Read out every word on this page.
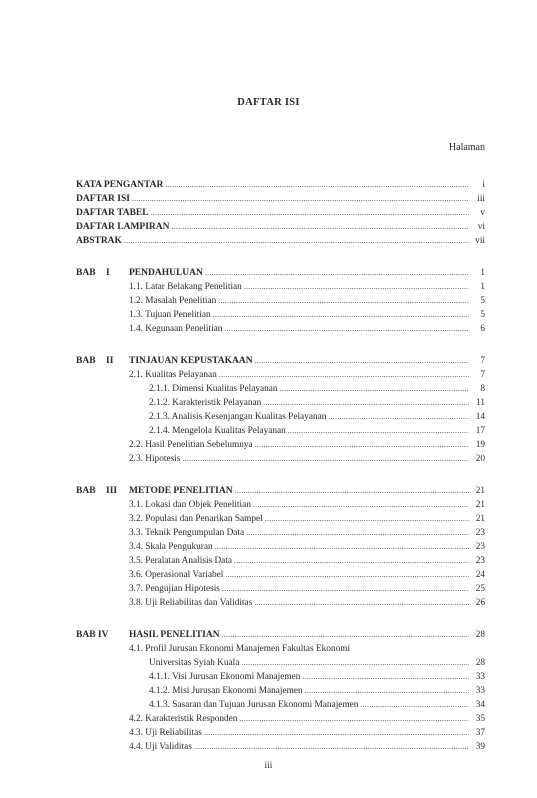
DAFTAR ISI
Halaman
KATA PENGANTAR .....	i
DAFTAR ISI .....	iii
DAFTAR TABEL .....	v
DAFTAR LAMPIRAN .....	vi
ABSTRAK .....	vii
BAB I	PENDAHULUAN .....	1
1.1. Latar Belakang Penelitian .....	1
1.2. Masalah Penelitian .....	5
1.3. Tujuan Penelitian .....	5
1.4. Kegunaan Penelitian .....	6
BAB II	TINJAUAN KEPUSTAKAAN .....	7
2.1. Kualitas Pelayanan .....	7
2.1.1. Dimensi Kualitas Pelayanan .....	8
2.1.2. Karakteristik Pelayanan .....	11
2.1.3. Analisis Kesenjangan Kualitas Pelayanan .....	14
2.1.4. Mengelola Kualitas Pelayanan .....	17
2.2. Hasil Penelitian Sebelumnya .....	19
2.3. Hipotesis .....	20
BAB III	METODE PENELITIAN .....	21
3.1. Lokasi dan Objek Penelitian .....	21
3.2. Populasi dan Penarikan Sampel .....	21
3.3. Teknik Pengumpulan Data .....	23
3.4. Skala Pengukuran .....	23
3.5. Peralatan Analisis Data .....	23
3.6. Operasional Variabel .....	24
3.7. Pengujian Hipotesis .....	25
3.8. Uji Reliabilitas dan Validitas .....	26
BAB IV	HASIL PENELITIAN .....	28
4.1. Profil Jurusan Ekonomi Manajemen Fakultas Ekonomi
Universitas Syiah Kuala .....	28
4.1.1. Visi Jurusan Ekonomi Manajemen .....	33
4.1.2. Misi Jurusan Ekonomi Manajemen .....	33
4.1.3. Sasaran dan Tujuan Jurusan Ekonomi Manajemen .....	34
4.2. Karakteristik Responden .....	35
4.3. Uji Reliabilitas .....	37
4.4. Uji Validitas .....	39
iii
